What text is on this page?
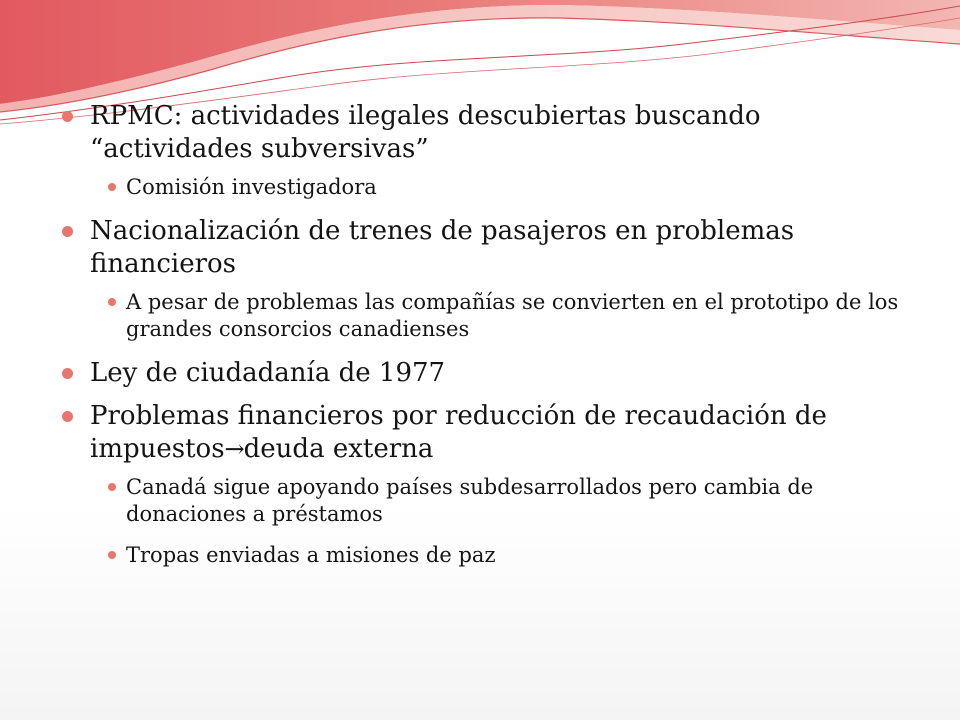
RPMC: actividades ilegales descubiertas buscando “actividades subversivas”
Comisión investigadora
Nacionalización de trenes de pasajeros en problemas financieros
A pesar de problemas las compañías se convierten en el prototipo de los grandes consorcios canadienses
Ley de ciudadanía de 1977
Problemas financieros por reducción de recaudación de impuestos→deuda externa
Canadá sigue apoyando países subdesarrollados pero cambia de donaciones a préstamos
Tropas enviadas a misiones de paz
